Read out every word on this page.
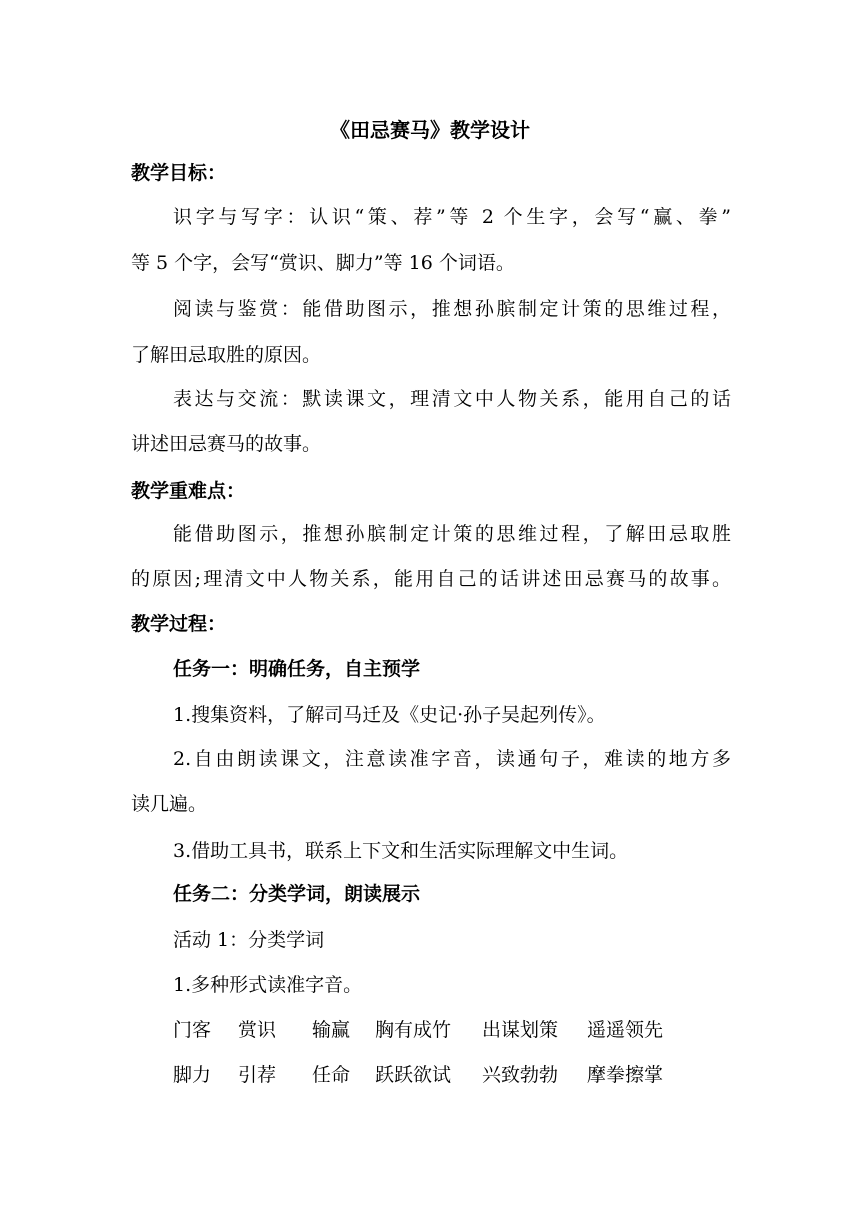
《田忌赛马》教学设计
教学目标：
识字与写字：认识“策、荐”等 2 个生字，会写“赢、拳”
等 5 个字，会写“赏识、脚力”等 16 个词语。
阅读与鉴赏：能借助图示，推想孙膑制定计策的思维过程，
了解田忌取胜的原因。
表达与交流：默读课文，理清文中人物关系，能用自己的话
讲述田忌赛马的故事。
教学重难点：
能借助图示，推想孙膑制定计策的思维过程，了解田忌取胜
的原因;理清文中人物关系，能用自己的话讲述田忌赛马的故事。
教学过程：
任务一：明确任务，自主预学
1.搜集资料，了解司马迁及《史记·孙子吴起列传》。
2.自由朗读课文，注意读准字音，读通句子，难读的地方多
读几遍。
3.借助工具书，联系上下文和生活实际理解文中生词。
任务二：分类学词，朗读展示
活动 1：分类学词
1.多种形式读准字音。
门客 赏识 输赢 胸有成竹 出谋划策 遥遥领先
脚力 引荐 任命 跃跃欲试 兴致勃勃 摩拳擦掌
